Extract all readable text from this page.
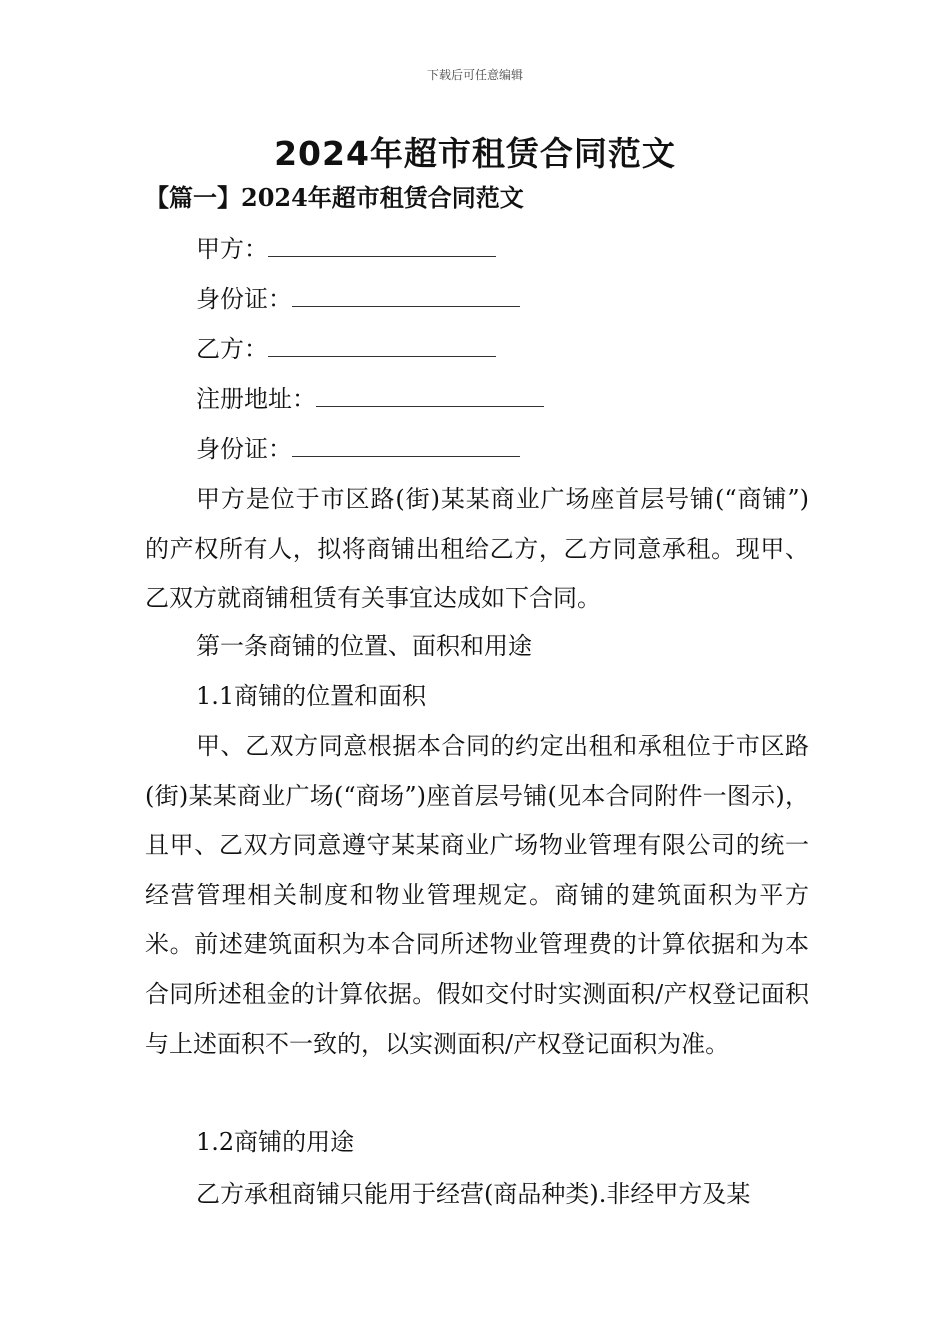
下载后可任意编辑
2024年超市租赁合同范文
【篇一】2024年超市租赁合同范文
甲方：
身份证：
乙方：
注册地址：
身份证：

甲方是位于市区路(街)某某商业广场座首层号铺(“商铺”)的产权所有人，拟将商铺出租给乙方，乙方同意承租。现甲、乙双方就商铺租赁有关事宜达成如下合同。

第一条商铺的位置、面积和用途

1.1商铺的位置和面积

甲、乙双方同意根据本合同的约定出租和承租位于市区路(街)某某商业广场(“商场”)座首层号铺(见本合同附件一图示)，且甲、乙双方同意遵守某某商业广场物业管理有限公司的统一经营管理相关制度和物业管理规定。商铺的建筑面积为平方米。前述建筑面积为本合同所述物业管理费的计算依据和为本合同所述租金的计算依据。假如交付时实测面积/产权登记面积与上述面积不一致的，以实测面积/产权登记面积为准。

1.2商铺的用途

乙方承租商铺只能用于经营(商品种类).非经甲方及某
